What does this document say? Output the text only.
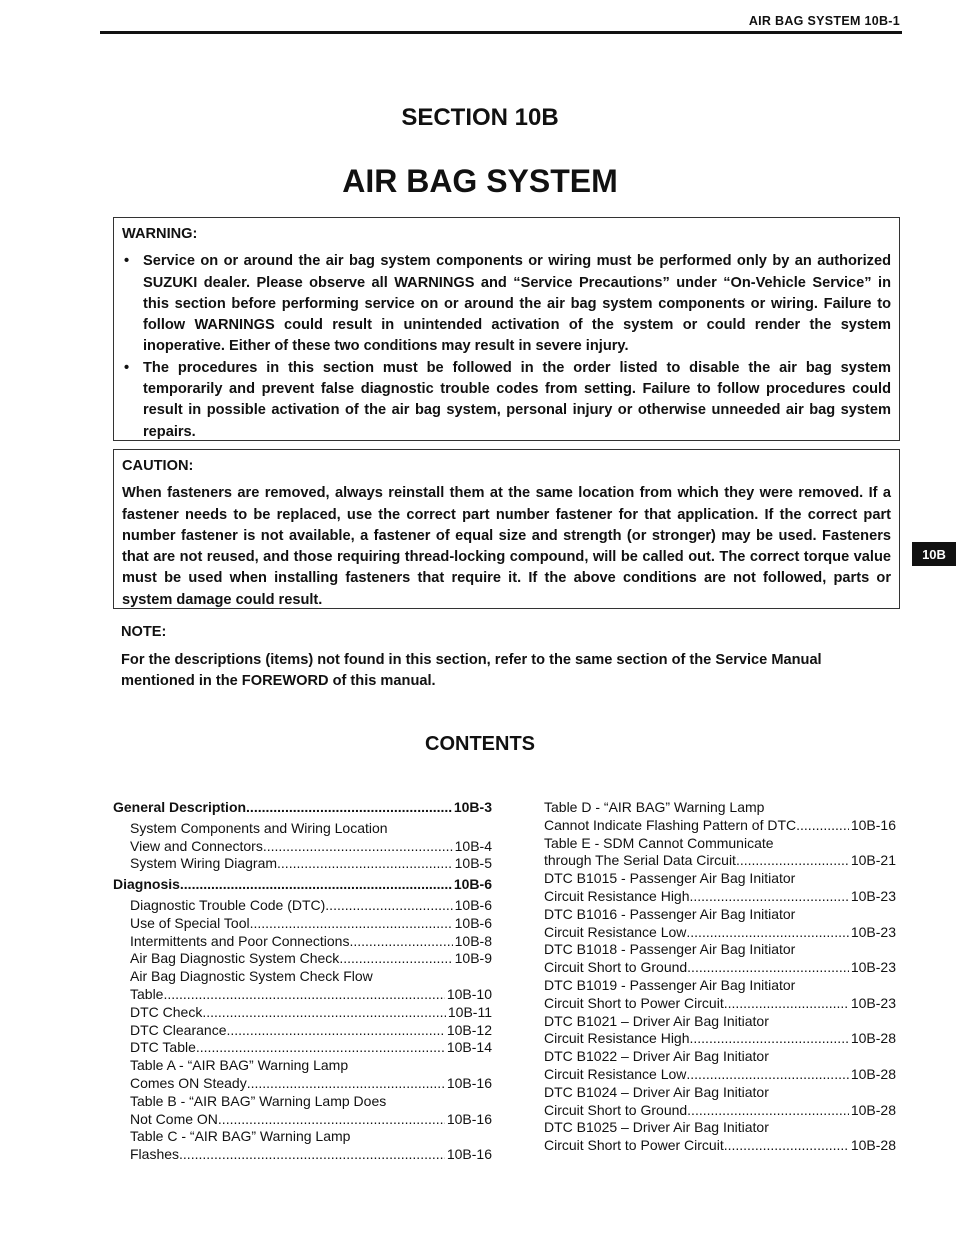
AIR BAG SYSTEM 10B-1
10B
SECTION 10B
AIR BAG SYSTEM
WARNING:
• Service on or around the air bag system components or wiring must be performed only by an authorized SUZUKI dealer. Please observe all WARNINGS and “Service Precautions” under “On-Vehicle Service” in this section before performing service on or around the air bag system components or wiring. Failure to follow WARNINGS could result in unintended activation of the system or could render the system inoperative. Either of these two conditions may result in severe injury.
• The procedures in this section must be followed in the order listed to disable the air bag system temporarily and prevent false diagnostic trouble codes from setting. Failure to follow procedures could result in possible activation of the air bag system, personal injury or otherwise unneeded air bag system repairs.
CAUTION:
When fasteners are removed, always reinstall them at the same location from which they were removed. If a fastener needs to be replaced, use the correct part number fastener for that application. If the correct part number fastener is not available, a fastener of equal size and strength (or stronger) may be used. Fasteners that are not reused, and those requiring thread-locking compound, will be called out. The correct torque value must be used when installing fasteners that require it. If the above conditions are not followed, parts or system damage could result.
NOTE:
For the descriptions (items) not found in this section, refer to the same section of the Service Manual mentioned in the FOREWORD of this manual.
CONTENTS
General Description .....	10B-3
System Components and Wiring Location
View and Connectors .....	10B-4
System Wiring Diagram .....	10B-5
Diagnosis .....	10B-6
Diagnostic Trouble Code (DTC) .....	10B-6
Use of Special Tool .....	10B-6
Intermittents and Poor Connections .....	10B-8
Air Bag Diagnostic System Check .....	10B-9
Air Bag Diagnostic System Check Flow
Table .....	10B-10
DTC Check .....	10B-11
DTC Clearance .....	10B-12
DTC Table .....	10B-14
Table A - “AIR BAG” Warning Lamp
Comes ON Steady .....	10B-16
Table B - “AIR BAG” Warning Lamp Does
Not Come ON .....	10B-16
Table C - “AIR BAG” Warning Lamp
Flashes .....	10B-16
Table D - “AIR BAG” Warning Lamp
Cannot Indicate Flashing Pattern of DTC .....	10B-16
Table E - SDM Cannot Communicate
through The Serial Data Circuit .....	10B-21
DTC B1015 - Passenger Air Bag Initiator
Circuit Resistance High .....	10B-23
DTC B1016 - Passenger Air Bag Initiator
Circuit Resistance Low .....	10B-23
DTC B1018 - Passenger Air Bag Initiator
Circuit Short to Ground .....	10B-23
DTC B1019 - Passenger Air Bag Initiator
Circuit Short to Power Circuit .....	10B-23
DTC B1021 – Driver Air Bag Initiator
Circuit Resistance High .....	10B-28
DTC B1022 – Driver Air Bag Initiator
Circuit Resistance Low .....	10B-28
DTC B1024 – Driver Air Bag Initiator
Circuit Short to Ground .....	10B-28
DTC B1025 – Driver Air Bag Initiator
Circuit Short to Power Circuit .....	10B-28
